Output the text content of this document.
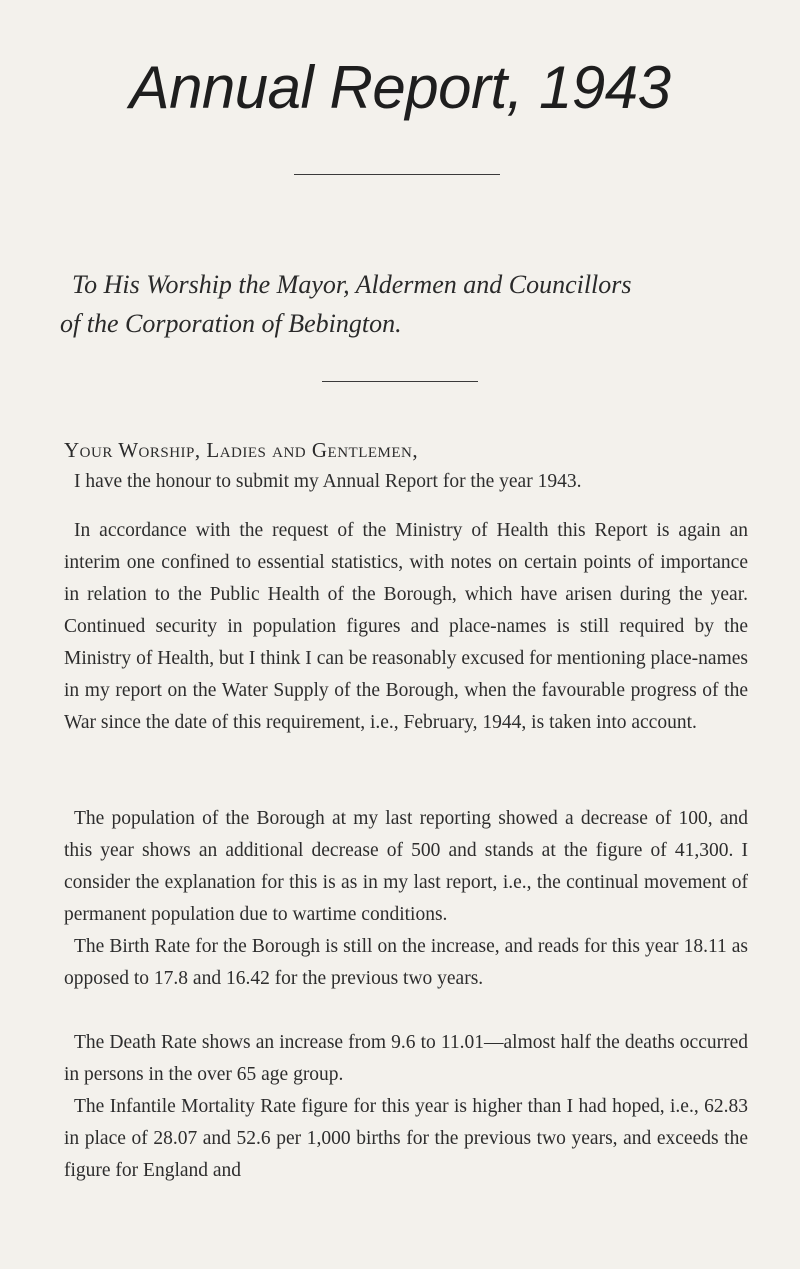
Annual Report, 1943
To His Worship the Mayor, Aldermen and Councillors
of the Corporation of Bebington.
Your Worship, Ladies and Gentlemen,
I have the honour to submit my Annual Report for the year 1943.
In accordance with the request of the Ministry of Health this Report is again an interim one confined to essential statistics, with notes on certain points of importance in relation to the Public Health of the Borough, which have arisen during the year. Continued security in population figures and place-names is still required by the Ministry of Health, but I think I can be reasonably excused for mentioning place-names in my report on the Water Supply of the Borough, when the favourable progress of the War since the date of this requirement, i.e., February, 1944, is taken into account.
The population of the Borough at my last reporting showed a decrease of 100, and this year shows an additional decrease of 500 and stands at the figure of 41,300. I consider the explanation for this is as in my last report, i.e., the continual movement of permanent population due to wartime conditions.
The Birth Rate for the Borough is still on the increase, and reads for this year 18.11 as opposed to 17.8 and 16.42 for the previous two years.
The Death Rate shows an increase from 9.6 to 11.01—almost half the deaths occurred in persons in the over 65 age group.
The Infantile Mortality Rate figure for this year is higher than I had hoped, i.e., 62.83 in place of 28.07 and 52.6 per 1,000 births for the previous two years, and exceeds the figure for England and
